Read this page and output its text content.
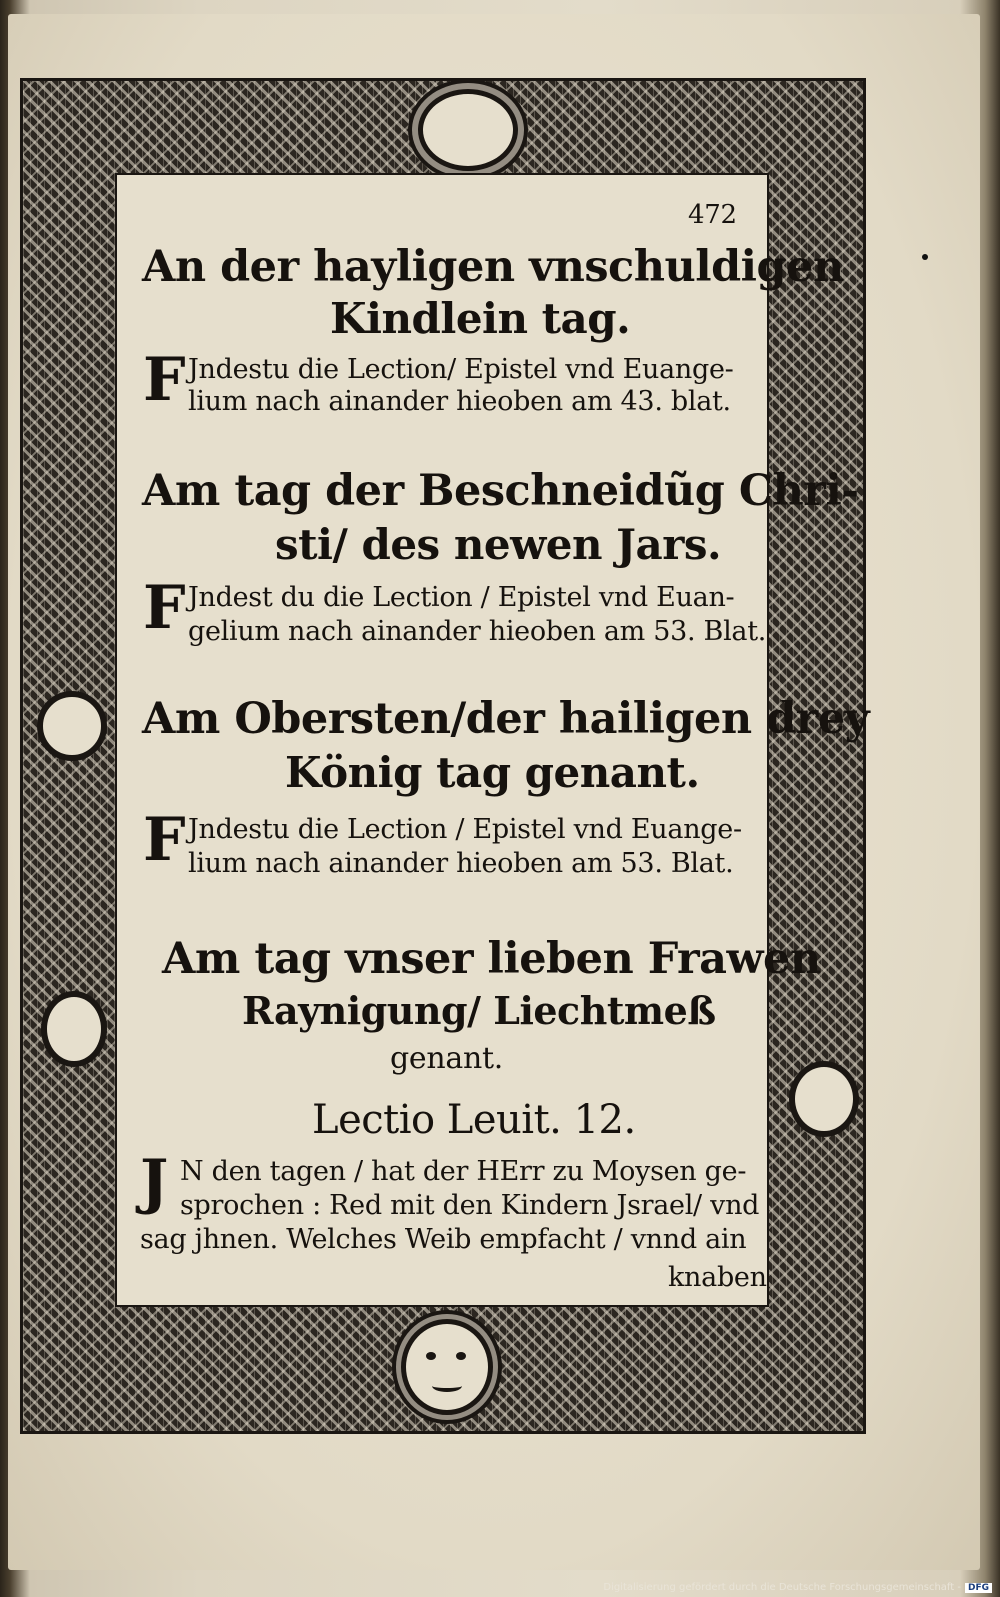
472
An der hayligen vnschuldigen
Kindlein tag.
F Jndestu die Lection/ Epistel vnd Euange-
lium nach ainander hieoben am 43. blat.
Am tag der Beschneidũg Chri-
sti/ des newen Jars.
F Jndest du die Lection / Epistel vnd Euan-
gelium nach ainander hieoben am 53. Blat.
Am Obersten/der hailigen drey
König tag genant.
F Jndestu die Lection / Epistel vnd Euange-
lium nach ainander hieoben am 53. Blat.
Am tag vnser lieben Frawen
Raynigung/ Liechtmeß
genant.
Lectio Leuit. 12.
J N den tagen / hat der HErr zu Moysen ge-
sprochen : Red mit den Kindern Jsrael/ vnd
sag jhnen. Welches Weib empfacht / vnnd ain
knaben
Digitalisierung gefördert durch die Deutsche Forschungsgemeinschaft - DFG
